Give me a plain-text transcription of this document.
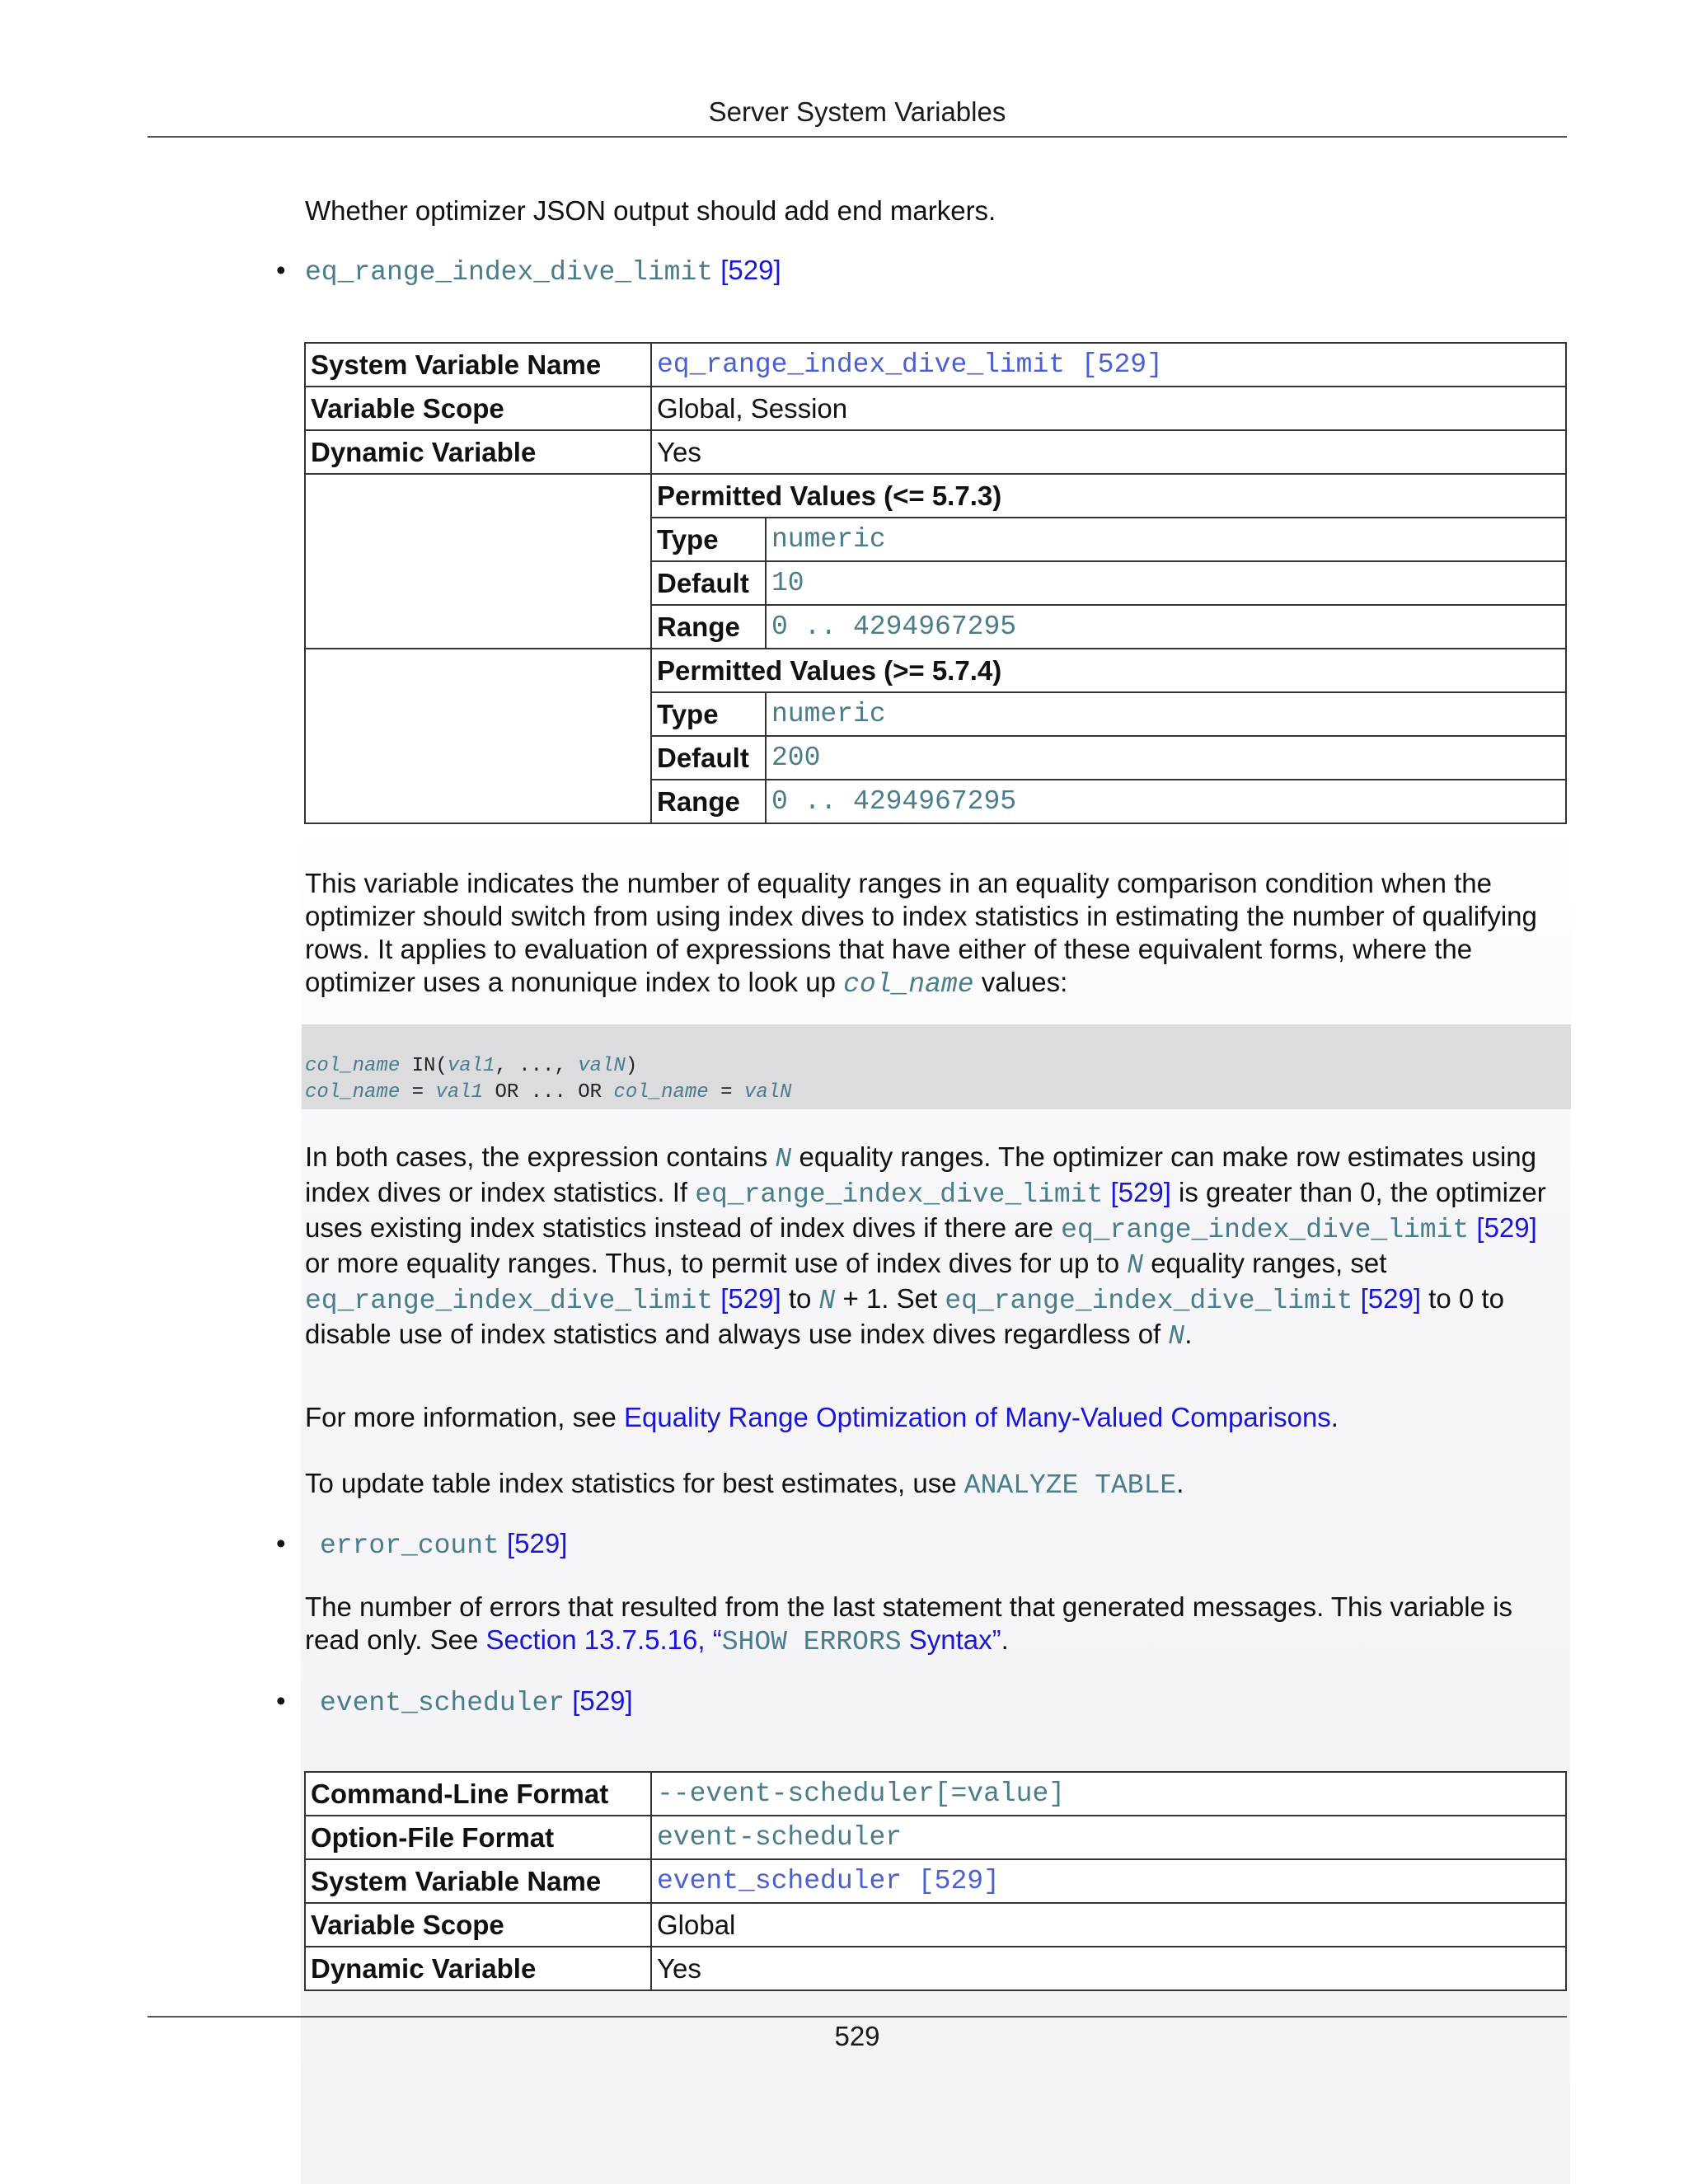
Server System Variables
Whether optimizer JSON output should add end markers.
• eq_range_index_dive_limit [529]
System Variable Name	eq_range_index_dive_limit [529]	
Variable Scope	Global, Session	
Dynamic Variable	Yes	
	Permitted Values (<= 5.7.3)	
	Type	numeric
	Default	10
	Range	0 .. 4294967295
	Permitted Values (>= 5.7.4)	
	Type	numeric
	Default	200
	Range	0 .. 4294967295
This variable indicates the number of equality ranges in an equality comparison condition when the optimizer should switch from using index dives to index statistics in estimating the number of qualifying rows. It applies to evaluation of expressions that have either of these equivalent forms, where the optimizer uses a nonunique index to look up col_name values:
col_name IN(val1, ..., valN)
col_name = val1 OR ... OR col_name = valN
In both cases, the expression contains N equality ranges. The optimizer can make row estimates using index dives or index statistics. If eq_range_index_dive_limit [529] is greater than 0, the optimizer uses existing index statistics instead of index dives if there are eq_range_index_dive_limit [529] or more equality ranges. Thus, to permit use of index dives for up to N equality ranges, set eq_range_index_dive_limit [529] to N + 1. Set eq_range_index_dive_limit [529] to 0 to disable use of index statistics and always use index dives regardless of N.
For more information, see Equality Range Optimization of Many-Valued Comparisons.
To update table index statistics for best estimates, use ANALYZE TABLE.
• error_count [529]
The number of errors that resulted from the last statement that generated messages. This variable is read only. See Section 13.7.5.16, “SHOW ERRORS Syntax”.
• event_scheduler [529]
Command-Line Format	--event-scheduler[=value]
Option-File Format	event-scheduler
System Variable Name	event_scheduler [529]
Variable Scope	Global
Dynamic Variable	Yes
529
